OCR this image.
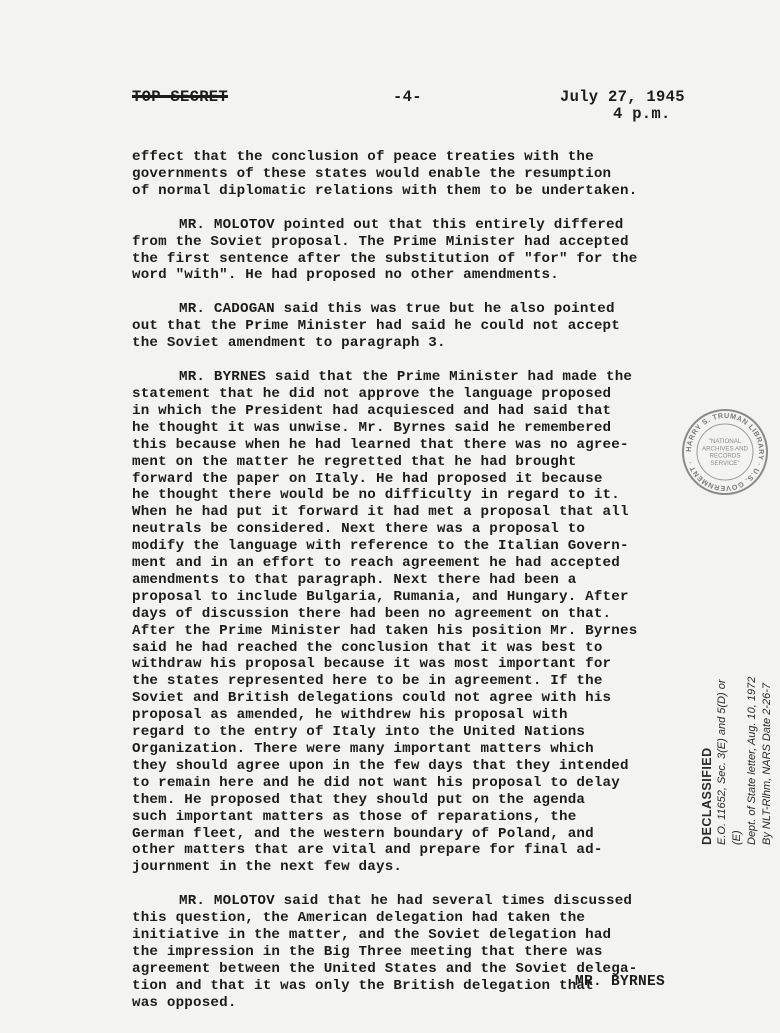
TOP SECRET	-4-	July 27, 1945
4 p.m.
effect that the conclusion of peace treaties with the
governments of these states would enable the resumption
of normal diplomatic relations with them to be undertaken.
MR. MOLOTOV pointed out that this entirely differed
from the Soviet proposal. The Prime Minister had accepted
the first sentence after the substitution of "for" for the
word "with". He had proposed no other amendments.
MR. CADOGAN said this was true but he also pointed
out that the Prime Minister had said he could not accept
the Soviet amendment to paragraph 3.
MR. BYRNES said that the Prime Minister had made the
statement that he did not approve the language proposed
in which the President had acquiesced and had said that
he thought it was unwise. Mr. Byrnes said he remembered
this because when he had learned that there was no agree-
ment on the matter he regretted that he had brought
forward the paper on Italy. He had proposed it because
he thought there would be no difficulty in regard to it.
When he had put it forward it had met a proposal that all
neutrals be considered. Next there was a proposal to
modify the language with reference to the Italian Govern-
ment and in an effort to reach agreement he had accepted
amendments to that paragraph. Next there had been a
proposal to include Bulgaria, Rumania, and Hungary. After
days of discussion there had been no agreement on that.
After the Prime Minister had taken his position Mr. Byrnes
said he had reached the conclusion that it was best to
withdraw his proposal because it was most important for
the states represented here to be in agreement. If the
Soviet and British delegations could not agree with his
proposal as amended, he withdrew his proposal with
regard to the entry of Italy into the United Nations
Organization. There were many important matters which
they should agree upon in the few days that they intended
to remain here and he did not want his proposal to delay
them. He proposed that they should put on the agenda
such important matters as those of reparations, the
German fleet, and the western boundary of Poland, and
other matters that are vital and prepare for final ad-
journment in the next few days.
MR. MOLOTOV said that he had several times discussed
this question, the American delegation had taken the
initiative in the matter, and the Soviet delegation had
the impression in the Big Three meeting that there was
agreement between the United States and the Soviet delega-
tion and that it was only the British delegation that
was opposed.
MR. BYRNES
HARRY S. TRUMAN LIBRARY · U.S. GOVERNMENT ·
"NATIONAL ARCHIVES AND RECORDS SERVICE"
DECLASSIFIED E.O. 11652, Sec. 3(E) and 5(D) or (E) Dept. of State letter, Aug. 10, 1972 By NLT-Rlhm, NARS Date 2-26-7
